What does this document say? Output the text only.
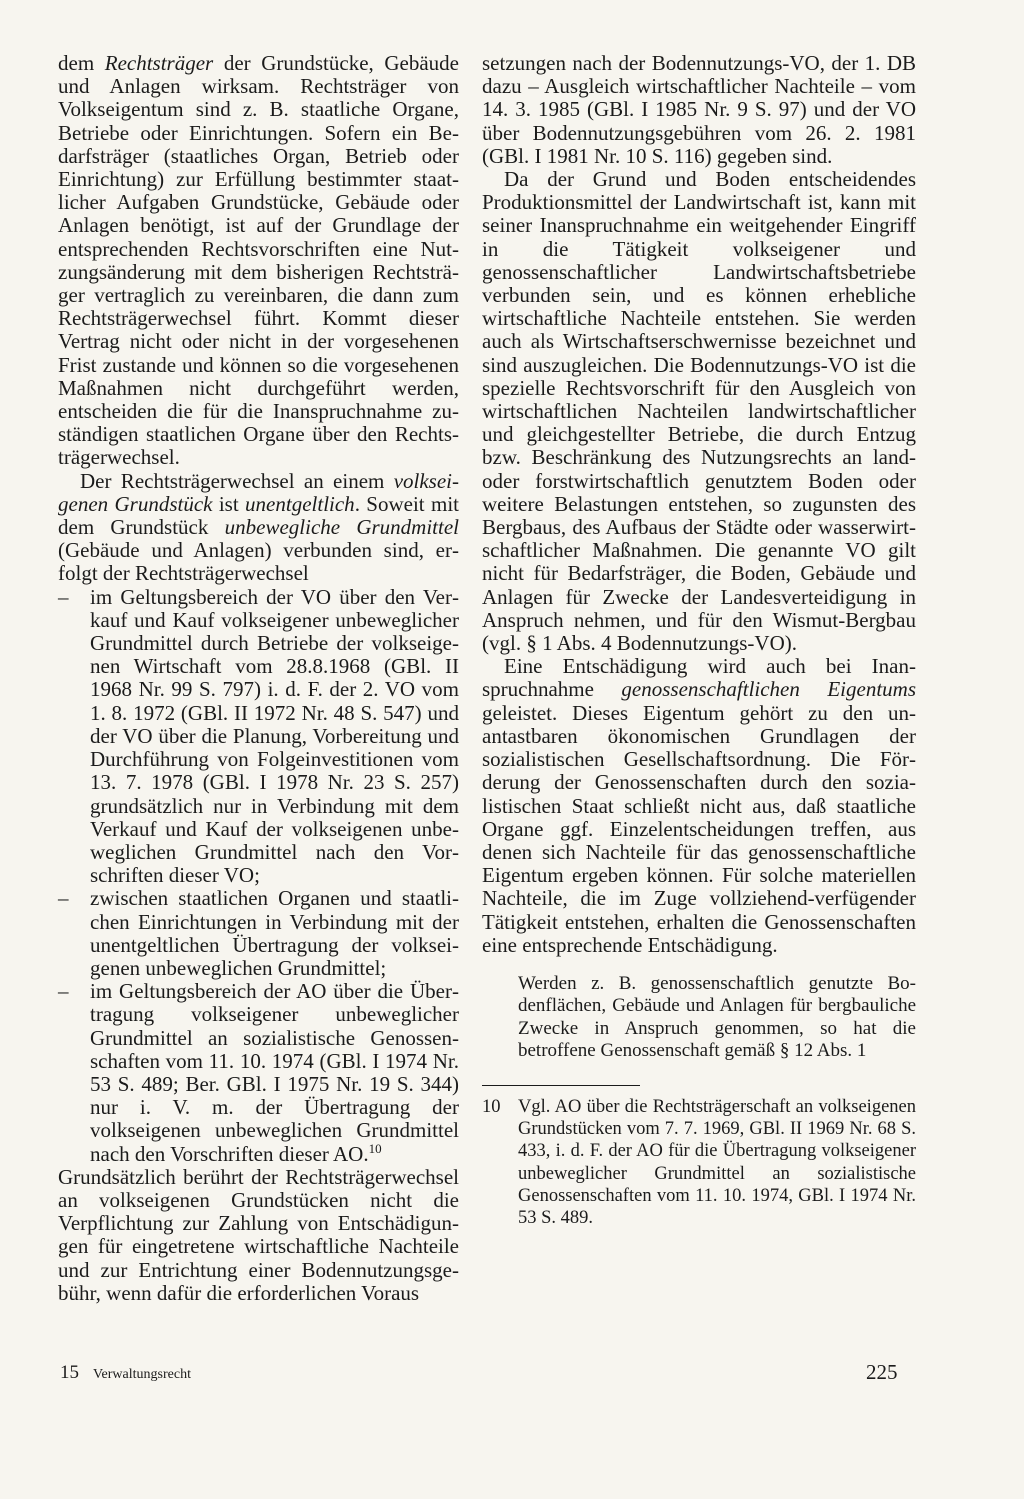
dem Rechtsträger der Grundstücke, Gebäude und Anlagen wirksam. Rechtsträger von Volkseigentum sind z. B. staatliche Organe, Betriebe oder Einrichtungen. Sofern ein Bedarfsträger (staatliches Organ, Betrieb oder Einrichtung) zur Erfüllung bestimmter staatlicher Aufgaben Grundstücke, Gebäude oder Anlagen benötigt, ist auf der Grundlage der entsprechenden Rechtsvorschriften eine Nutzungsänderung mit dem bisherigen Rechtsträger vertraglich zu vereinbaren, die dann zum Rechtsträgerwechsel führt. Kommt dieser Vertrag nicht oder nicht in der vorgesehenen Frist zustande und können so die vorgesehenen Maßnahmen nicht durchgeführt werden, entscheiden die für die Inanspruchnahme zuständigen staatlichen Organe über den Rechtsträgerwechsel.

Der Rechtsträgerwechsel an einem volkseigenen Grundstück ist unentgeltlich. Soweit mit dem Grundstück unbewegliche Grundmittel (Gebäude und Anlagen) verbunden sind, erfolgt der Rechtsträgerwechsel

– im Geltungsbereich der VO über den Verkauf und Kauf volkseigener unbeweglicher Grundmittel durch Betriebe der volkseigenen Wirtschaft vom 28.8.1968 (GBl. II 1968 Nr. 99 S. 797) i. d. F. der 2. VO vom 1. 8. 1972 (GBl. II 1972 Nr. 48 S. 547) und der VO über die Planung, Vorbereitung und Durchführung von Folgeinvestitionen vom 13. 7. 1978 (GBl. I 1978 Nr. 23 S. 257) grundsätzlich nur in Verbindung mit dem Verkauf und Kauf der volkseigenen unbeweglichen Grundmittel nach den Vorschriften dieser VO;
– zwischen staatlichen Organen und staatlichen Einrichtungen in Verbindung mit der unentgeltlichen Übertragung der volkseigenen unbeweglichen Grundmittel;
– im Geltungsbereich der AO über die Übertragung volkseigener unbeweglicher Grundmittel an sozialistische Genossenschaften vom 11. 10. 1974 (GBl. I 1974 Nr. 53 S. 489; Ber. GBl. I 1975 Nr. 19 S. 344) nur i. V. m. der Übertragung der volkseigenen unbeweglichen Grundmittel nach den Vorschriften dieser AO.$^{10}$

Grundsätzlich berührt der Rechtsträgerwechsel an volkseigenen Grundstücken nicht die Verpflichtung zur Zahlung von Entschädigungen für eingetretene wirtschaftliche Nachteile und zur Entrichtung einer Bodennutzungsgebühr, wenn dafür die erforderlichen Voraus

setzungen nach der Bodennutzungs-VO, der 1. DB dazu – Ausgleich wirtschaftlicher Nachteile – vom 14. 3. 1985 (GBl. I 1985 Nr. 9 S. 97) und der VO über Bodennutzungsgebühren vom 26. 2. 1981 (GBl. I 1981 Nr. 10 S. 116) gegeben sind.

Da der Grund und Boden entscheidendes Produktionsmittel der Landwirtschaft ist, kann mit seiner Inanspruchnahme ein weitgehender Eingriff in die Tätigkeit volkseigener und genossenschaftlicher Landwirtschaftsbetriebe verbunden sein, und es können erhebliche wirtschaftliche Nachteile entstehen. Sie werden auch als Wirtschaftserschwernisse bezeichnet und sind auszugleichen. Die Bodennutzungs-VO ist die spezielle Rechtsvorschrift für den Ausgleich von wirtschaftlichen Nachteilen landwirtschaftlicher und gleichgestellter Betriebe, die durch Entzug bzw. Beschränkung des Nutzungsrechts an land- oder forstwirtschaftlich genutztem Boden oder weitere Belastungen entstehen, so zugunsten des Bergbaus, des Aufbaus der Städte oder wasserwirtschaftlicher Maßnahmen. Die genannte VO gilt nicht für Bedarfsträger, die Boden, Gebäude und Anlagen für Zwecke der Landesverteidigung in Anspruch nehmen, und für den Wismut-Bergbau (vgl. § 1 Abs. 4 Bodennutzungs-VO).

Eine Entschädigung wird auch bei Inanspruchnahme genossenschaftlichen Eigentums geleistet. Dieses Eigentum gehört zu den unantastbaren ökonomischen Grundlagen der sozialistischen Gesellschaftsordnung. Die Förderung der Genossenschaften durch den sozialistischen Staat schließt nicht aus, daß staatliche Organe ggf. Einzelentscheidungen treffen, aus denen sich Nachteile für das genossenschaftliche Eigentum ergeben können. Für solche materiellen Nachteile, die im Zuge vollziehend-verfügender Tätigkeit entstehen, erhalten die Genossenschaften eine entsprechende Entschädigung.

Werden z. B. genossenschaftlich genutzte Bodenflächen, Gebäude und Anlagen für bergbauliche Zwecke in Anspruch genommen, so hat die betroffene Genossenschaft gemäß § 12 Abs. 1

10 Vgl. AO über die Rechtsträgerschaft an volkseigenen Grundstücken vom 7. 7. 1969, GBl. II 1969 Nr. 68 S. 433, i. d. F. der AO für die Übertragung volkseigener unbeweglicher Grundmittel an sozialistische Genossenschaften vom 11. 10. 1974, GBl. I 1974 Nr. 53 S. 489.
15 Verwaltungsrecht	225
